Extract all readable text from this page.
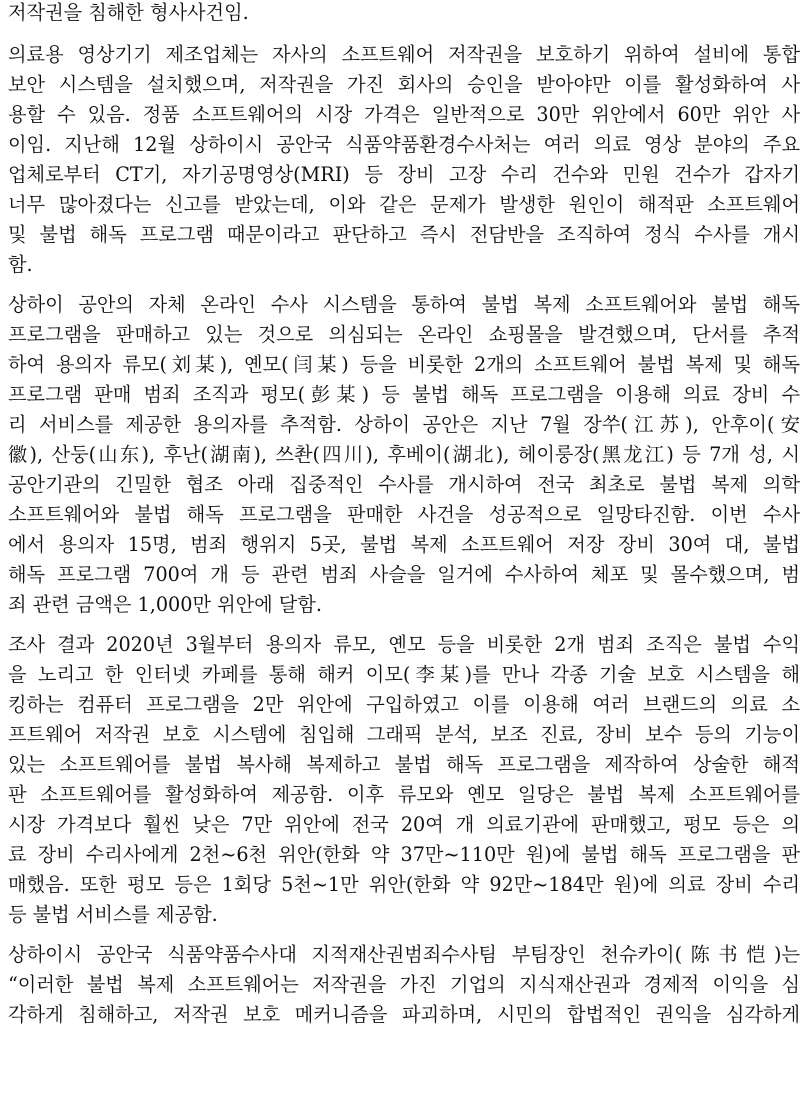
저작권을 침해한 형사사건임.
의료용 영상기기 제조업체는 자사의 소프트웨어 저작권을 보호하기 위하여 설비에 통합
보안 시스템을 설치했으며, 저작권을 가진 회사의 승인을 받아야만 이를 활성화하여 사
용할 수 있음. 정품 소프트웨어의 시장 가격은 일반적으로 30만 위안에서 60만 위안 사
이임. 지난해 12월 상하이시 공안국 식품약품환경수사처는 여러 의료 영상 분야의 주요
업체로부터 CT기, 자기공명영상(MRI) 등 장비 고장 수리 건수와 민원 건수가 갑자기
너무 많아졌다는 신고를 받았는데, 이와 같은 문제가 발생한 원인이 해적판 소프트웨어
및 불법 해독 프로그램 때문이라고 판단하고 즉시 전담반을 조직하여 정식 수사를 개시
함.
상하이 공안의 자체 온라인 수사 시스템을 통하여 불법 복제 소프트웨어와 불법 해독
프로그램을 판매하고 있는 것으로 의심되는 온라인 쇼핑몰을 발견했으며, 단서를 추적
하여 용의자 류모(刘某), 옌모(闫某) 등을 비롯한 2개의 소프트웨어 불법 복제 및 해독
프로그램 판매 범죄 조직과 펑모(彭某) 등 불법 해독 프로그램을 이용해 의료 장비 수
리 서비스를 제공한 용의자를 추적함. 상하이 공안은 지난 7월 장쑤(江苏), 안후이(安
徽), 산둥(山东), 후난(湖南), 쓰촨(四川), 후베이(湖北), 헤이룽장(黑龙江) 등 7개 성, 시
공안기관의 긴밀한 협조 아래 집중적인 수사를 개시하여 전국 최초로 불법 복제 의학
소프트웨어와 불법 해독 프로그램을 판매한 사건을 성공적으로 일망타진함. 이번 수사
에서 용의자 15명, 범죄 행위지 5곳, 불법 복제 소프트웨어 저장 장비 30여 대, 불법
해독 프로그램 700여 개 등 관련 범죄 사슬을 일거에 수사하여 체포 및 몰수했으며, 범
죄 관련 금액은 1,000만 위안에 달함.
조사 결과 2020년 3월부터 용의자 류모, 옌모 등을 비롯한 2개 범죄 조직은 불법 수익
을 노리고 한 인터넷 카페를 통해 해커 이모(李某)를 만나 각종 기술 보호 시스템을 해
킹하는 컴퓨터 프로그램을 2만 위안에 구입하였고 이를 이용해 여러 브랜드의 의료 소
프트웨어 저작권 보호 시스템에 침입해 그래픽 분석, 보조 진료, 장비 보수 등의 기능이
있는 소프트웨어를 불법 복사해 복제하고 불법 해독 프로그램을 제작하여 상술한 해적
판 소프트웨어를 활성화하여 제공함. 이후 류모와 옌모 일당은 불법 복제 소프트웨어를
시장 가격보다 훨씬 낮은 7만 위안에 전국 20여 개 의료기관에 판매했고, 펑모 등은 의
료 장비 수리사에게 2천~6천 위안(한화 약 37만~110만 원)에 불법 해독 프로그램을 판
매했음. 또한 펑모 등은 1회당 5천~1만 위안(한화 약 92만~184만 원)에 의료 장비 수리
등 불법 서비스를 제공함.
상하이시 공안국 식품약품수사대 지적재산권범죄수사팀 부팀장인 천슈카이(陈书恺)는
“이러한 불법 복제 소프트웨어는 저작권을 가진 기업의 지식재산권과 경제적 이익을 심
각하게 침해하고, 저작권 보호 메커니즘을 파괴하며, 시민의 합법적인 권익을 심각하게
